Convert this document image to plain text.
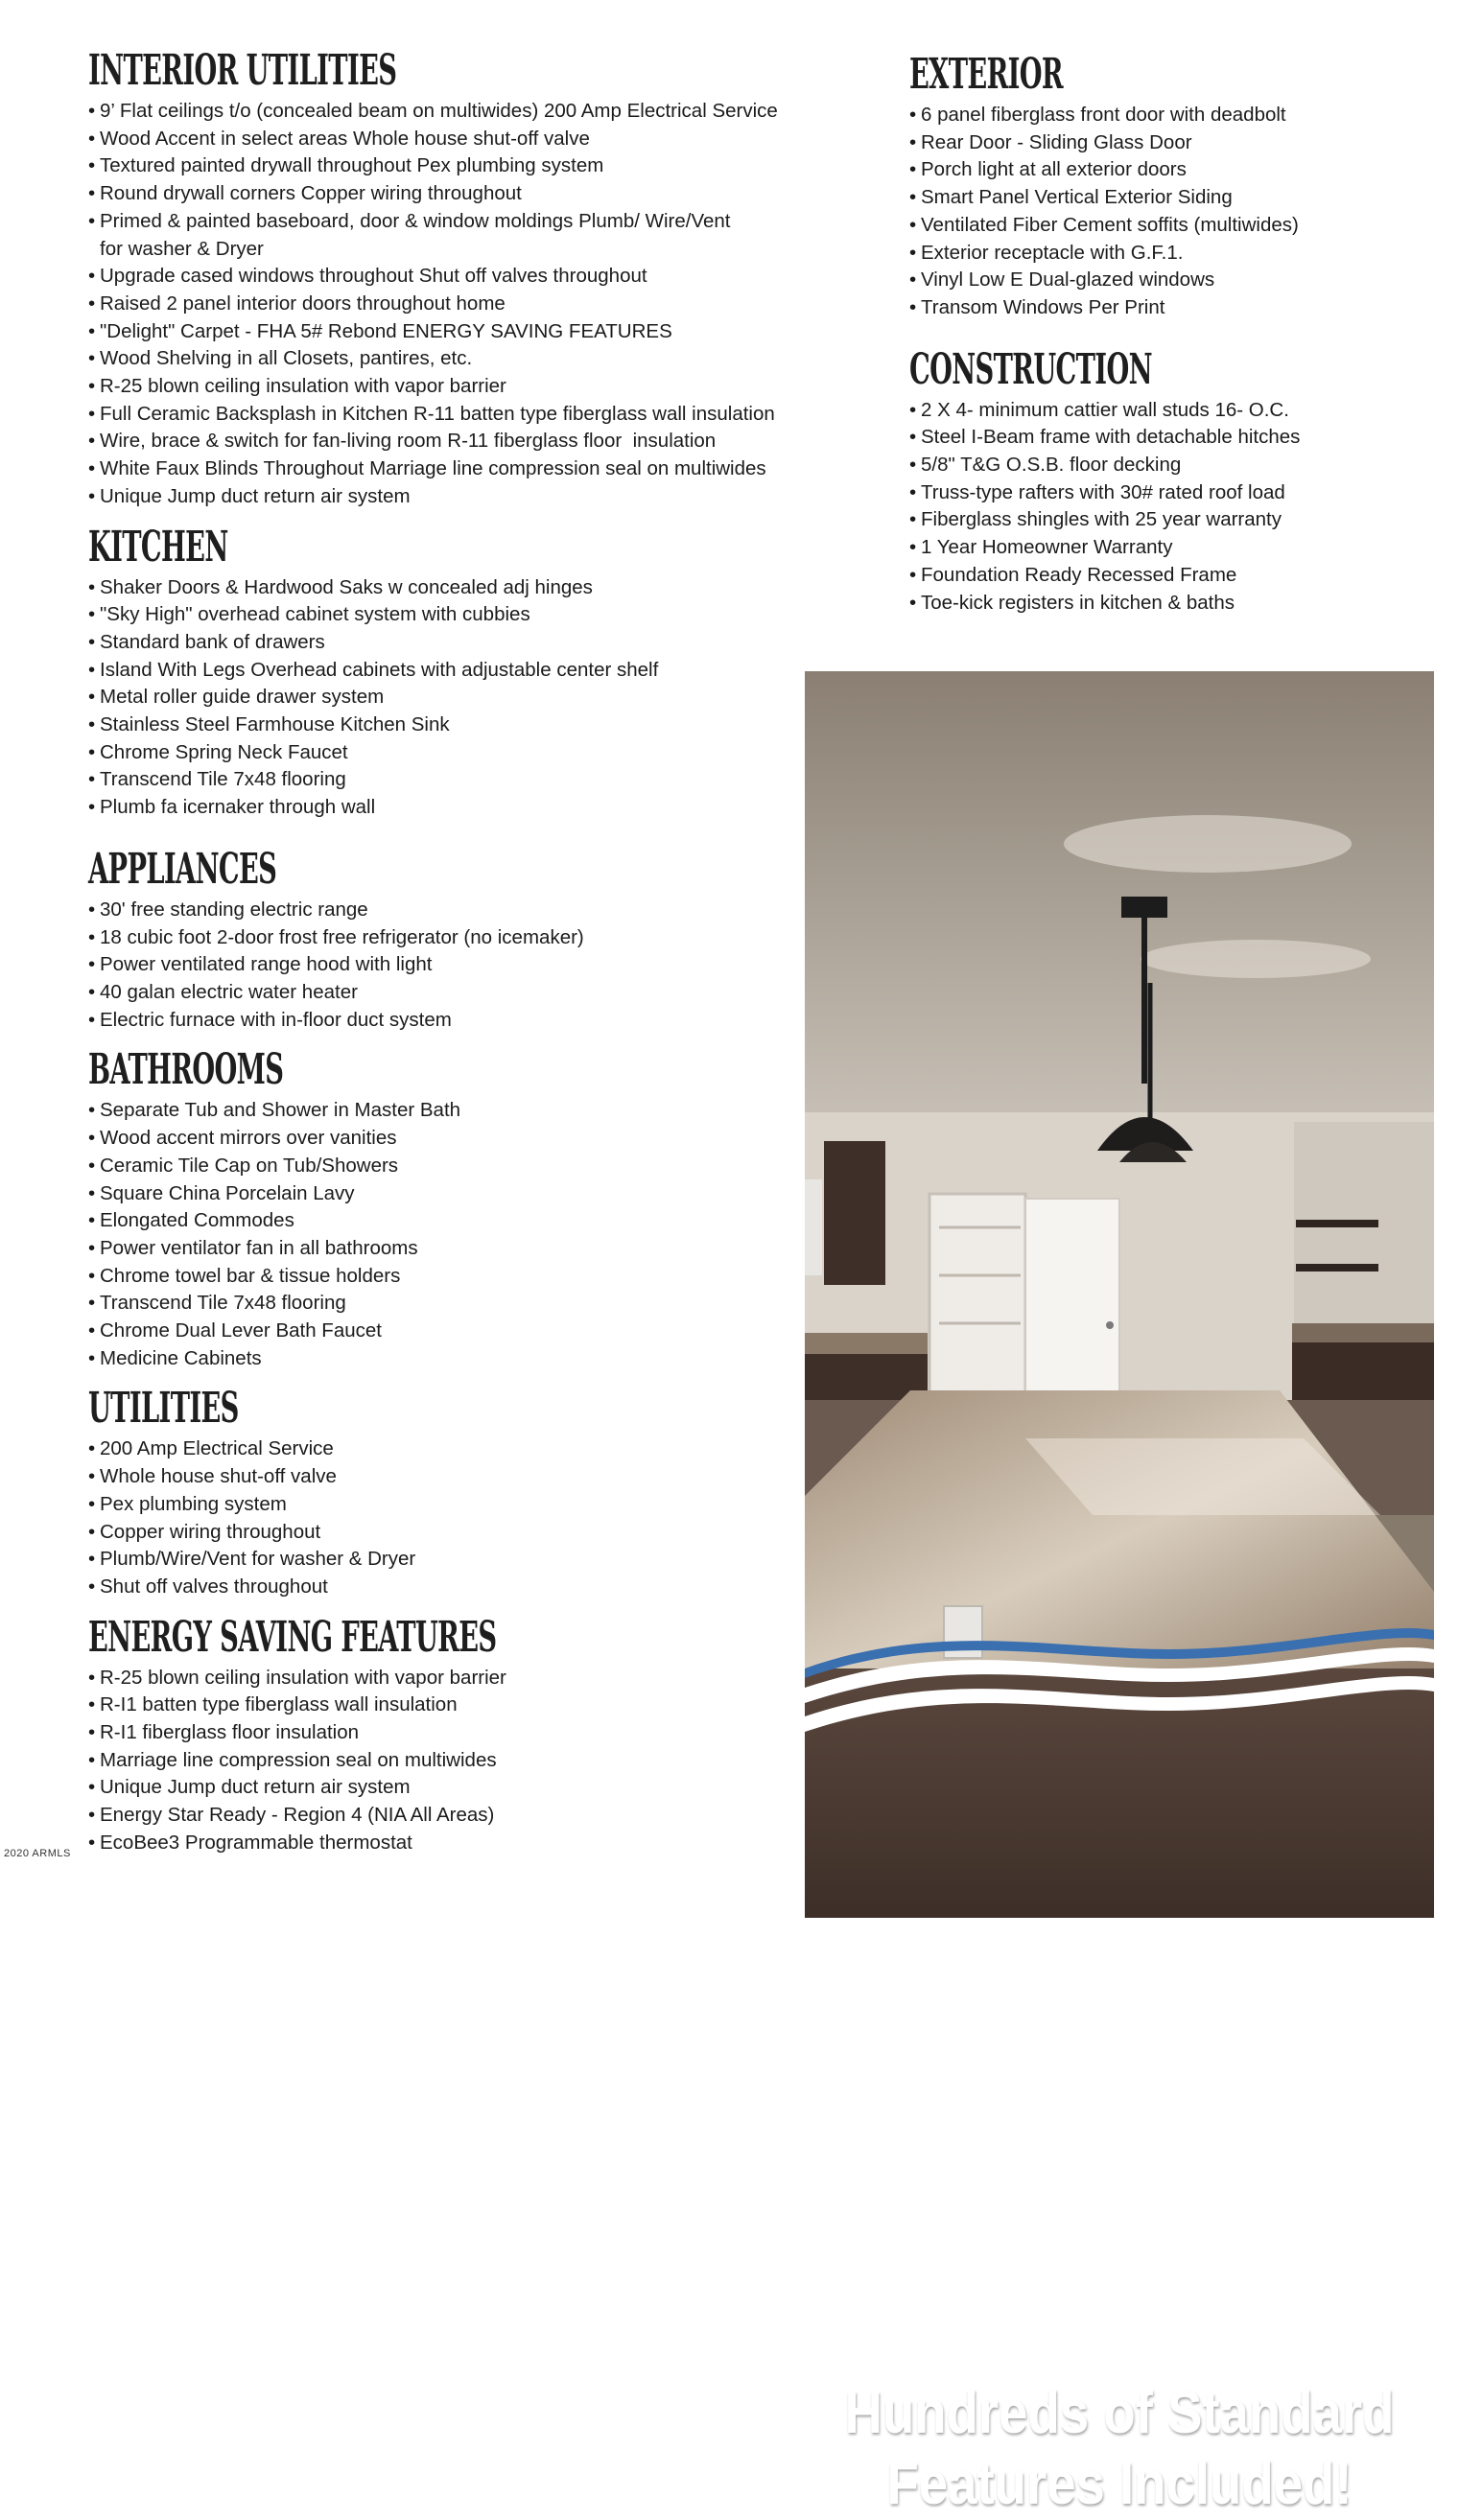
INTERIOR UTILITIES
• 9’ Flat ceilings t/o (concealed beam on multiwides) 200 Amp Electrical Service
• Wood Accent in select areas Whole house shut-off valve
• Textured painted drywall throughout Pex plumbing system
• Round drywall corners Copper wiring throughout
• Primed & painted baseboard, door & window moldings Plumb/ Wire/Vent
for washer & Dryer
• Upgrade cased windows throughout Shut off valves throughout
• Raised 2 panel interior doors throughout home
• "Delight" Carpet - FHA 5# Rebond ENERGY SAVING FEATURES
• Wood Shelving in all Closets, pantires, etc.
• R-25 blown ceiling insulation with vapor barrier
• Full Ceramic Backsplash in Kitchen R-11 batten type fiberglass wall insulation
• Wire, brace & switch for fan-living room R-11 fiberglass floor  insulation
• White Faux Blinds Throughout Marriage line compression seal on multiwides
• Unique Jump duct return air system
KITCHEN
• Shaker Doors & Hardwood Saks w concealed adj hinges
• "Sky High" overhead cabinet system with cubbies
• Standard bank of drawers
• Island With Legs Overhead cabinets with adjustable center shelf
• Metal roller guide drawer system
• Stainless Steel Farmhouse Kitchen Sink
• Chrome Spring Neck Faucet
• Transcend Tile 7x48 flooring
• Plumb fa icernaker through wall
APPLIANCES
• 30' free standing electric range
• 18 cubic foot 2-door frost free refrigerator (no icemaker)
• Power ventilated range hood with light
• 40 galan electric water heater
• Electric furnace with in-floor duct system
BATHROOMS
• Separate Tub and Shower in Master Bath
• Wood accent mirrors over vanities
• Ceramic Tile Cap on Tub/Showers
• Square China Porcelain Lavy
• Elongated Commodes
• Power ventilator fan in all bathrooms
• Chrome towel bar & tissue holders
• Transcend Tile 7x48 flooring
• Chrome Dual Lever Bath Faucet
• Medicine Cabinets
UTILITIES
• 200 Amp Electrical Service
• Whole house shut-off valve
• Pex plumbing system
• Copper wiring throughout
• Plumb/Wire/Vent for washer & Dryer
• Shut off valves throughout
ENERGY SAVING FEATURES
• R-25 blown ceiling insulation with vapor barrier
• R-I1 batten type fiberglass wall insulation
• R-I1 fiberglass floor insulation
• Marriage line compression seal on multiwides
• Unique Jump duct return air system
• Energy Star Ready - Region 4 (NIA All Areas)
• EcoBee3 Programmable thermostat
EXTERIOR
• 6 panel fiberglass front door with deadbolt
• Rear Door - Sliding Glass Door
• Porch light at all exterior doors
• Smart Panel Vertical Exterior Siding
• Ventilated Fiber Cement soffits (multiwides)
• Exterior receptacle with G.F.1.
• Vinyl Low E Dual-glazed windows
• Transom Windows Per Print
CONSTRUCTION
• 2 X 4- minimum cattier wall studs 16- O.C.
• Steel I-Beam frame with detachable hitches
• 5/8" T&G O.S.B. floor decking
• Truss-type rafters with 30# rated roof load
• Fiberglass shingles with 25 year warranty
• 1 Year Homeowner Warranty
• Foundation Ready Recessed Frame
• Toe-kick registers in kitchen & baths
Hundreds of Standard
Features Included!
2020 ARMLS
